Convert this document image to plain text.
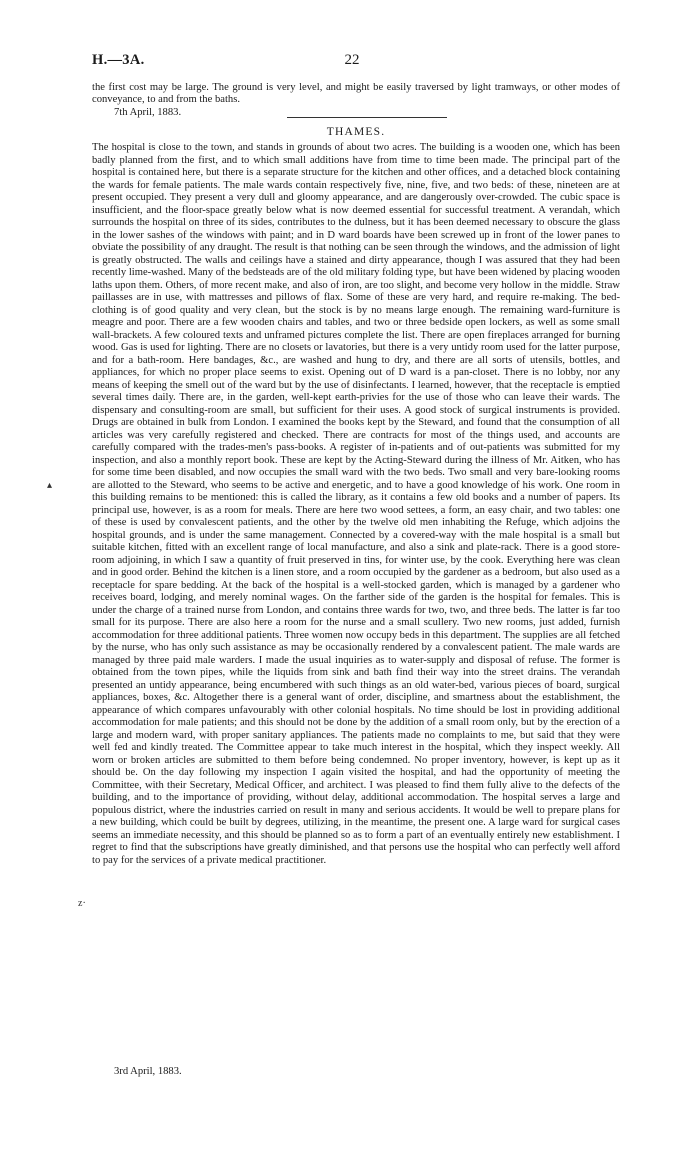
H.—3A.	22

the first cost may be large. The ground is very level, and might be easily traversed by light tramways, or other modes of conveyance, to and from the baths.

7th April, 1883.

THAMES.

The hospital is close to the town, and stands in grounds of about two acres. The building is a wooden one, which has been badly planned from the first, and to which small additions have from time to time been made. The principal part of the hospital is contained here, but there is a separate structure for the kitchen and other offices, and a detached block containing the wards for female patients. The male wards contain respectively five, nine, five, and two beds: of these, nineteen are at present occupied. They present a very dull and gloomy appearance, and are dangerously over-crowded. The cubic space is insufficient, and the floor-space greatly below what is now deemed essential for successful treatment. A verandah, which surrounds the hospital on three of its sides, contributes to the dulness, but it has been deemed necessary to obscure the glass in the lower sashes of the windows with paint; and in D ward boards have been screwed up in front of the lower panes to obviate the possibility of any draught. The result is that nothing can be seen through the windows, and the admission of light is greatly obstructed. The walls and ceilings have a stained and dirty appearance, though I was assured that they had been recently lime-washed. Many of the bedsteads are of the old military folding type, but have been widened by placing wooden laths upon them. Others, of more recent make, and also of iron, are too slight, and become very hollow in the middle. Straw paillasses are in use, with mattresses and pillows of flax. Some of these are very hard, and require re-making. The bed-clothing is of good quality and very clean, but the stock is by no means large enough. The remaining ward-furniture is meagre and poor. There are a few wooden chairs and tables, and two or three bedside open lockers, as well as some small wall-brackets. A few coloured texts and unframed pictures complete the list. There are open fireplaces arranged for burning wood. Gas is used for lighting. There are no closets or lavatories, but there is a very untidy room used for the latter purpose, and for a bath-room. Here bandages, &c., are washed and hung to dry, and there are all sorts of utensils, bottles, and appliances, for which no proper place seems to exist. Opening out of D ward is a pan-closet. There is no lobby, nor any means of keeping the smell out of the ward but by the use of disinfectants. I learned, however, that the receptacle is emptied several times daily. There are, in the garden, well-kept earth-privies for the use of those who can leave their wards. The dispensary and consulting-room are small, but sufficient for their uses. A good stock of surgical instruments is provided. Drugs are obtained in bulk from London. I examined the books kept by the Steward, and found that the consumption of all articles was very carefully registered and checked. There are contracts for most of the things used, and accounts are carefully compared with the trades-men's pass-books. A register of in-patients and of out-patients was submitted for my inspection, and also a monthly report book. These are kept by the Acting-Steward during the illness of Mr. Aitken, who has for some time been disabled, and now occupies the small ward with the two beds. Two small and very bare-looking rooms are allotted to the Steward, who seems to be active and energetic, and to have a good knowledge of his work. One room in this building remains to be mentioned: this is called the library, as it contains a few old books and a number of papers. Its principal use, however, is as a room for meals. There are here two wood settees, a form, an easy chair, and two tables: one of these is used by convalescent patients, and the other by the twelve old men inhabiting the Refuge, which adjoins the hospital grounds, and is under the same management. Connected by a covered-way with the male hospital is a small but suitable kitchen, fitted with an excellent range of local manufacture, and also a sink and plate-rack. There is a good store-room adjoining, in which I saw a quantity of fruit preserved in tins, for winter use, by the cook. Everything here was clean and in good order. Behind the kitchen is a linen store, and a room occupied by the gardener as a bedroom, but also used as a receptacle for spare bedding. At the back of the hospital is a well-stocked garden, which is managed by a gardener who receives board, lodging, and merely nominal wages. On the farther side of the garden is the hospital for females. This is under the charge of a trained nurse from London, and contains three wards for two, two, and three beds. The latter is far too small for its purpose. There are also here a room for the nurse and a small scullery. Two new rooms, just added, furnish accommodation for three additional patients. Three women now occupy beds in this department. The supplies are all fetched by the nurse, who has only such assistance as may be occasionally rendered by a convalescent patient. The male wards are managed by three paid male warders. I made the usual inquiries as to water-supply and disposal of refuse. The former is obtained from the town pipes, while the liquids from sink and bath find their way into the street drains. The verandah presented an untidy appearance, being encumbered with such things as an old water-bed, various pieces of board, surgical appliances, boxes, &c. Altogether there is a general want of order, discipline, and smartness about the establishment, the appearance of which compares unfavourably with other colonial hospitals. No time should be lost in providing additional accommodation for male patients; and this should not be done by the addition of a small room only, but by the erection of a large and modern ward, with proper sanitary appliances. The patients made no complaints to me, but said that they were well fed and kindly treated. The Committee appear to take much interest in the hospital, which they inspect weekly. All worn or broken articles are submitted to them before being condemned. No proper inventory, however, is kept up as it should be. On the day following my inspection I again visited the hospital, and had the opportunity of meeting the Committee, with their Secretary, Medical Officer, and architect. I was pleased to find them fully alive to the defects of the building, and to the importance of providing, without delay, additional accommodation. The hospital serves a large and populous district, where the industries carried on result in many and serious accidents. It would be well to prepare plans for a new building, which could be built by degrees, utilizing, in the meantime, the present one. A large ward for surgical cases seems an immediate necessity, and this should be planned so as to form a part of an eventually entirely new establishment. I regret to find that the subscriptions have greatly diminished, and that persons use the hospital who can perfectly well afford to pay for the services of a private medical practitioner.

3rd April, 1883.
▴
z·
